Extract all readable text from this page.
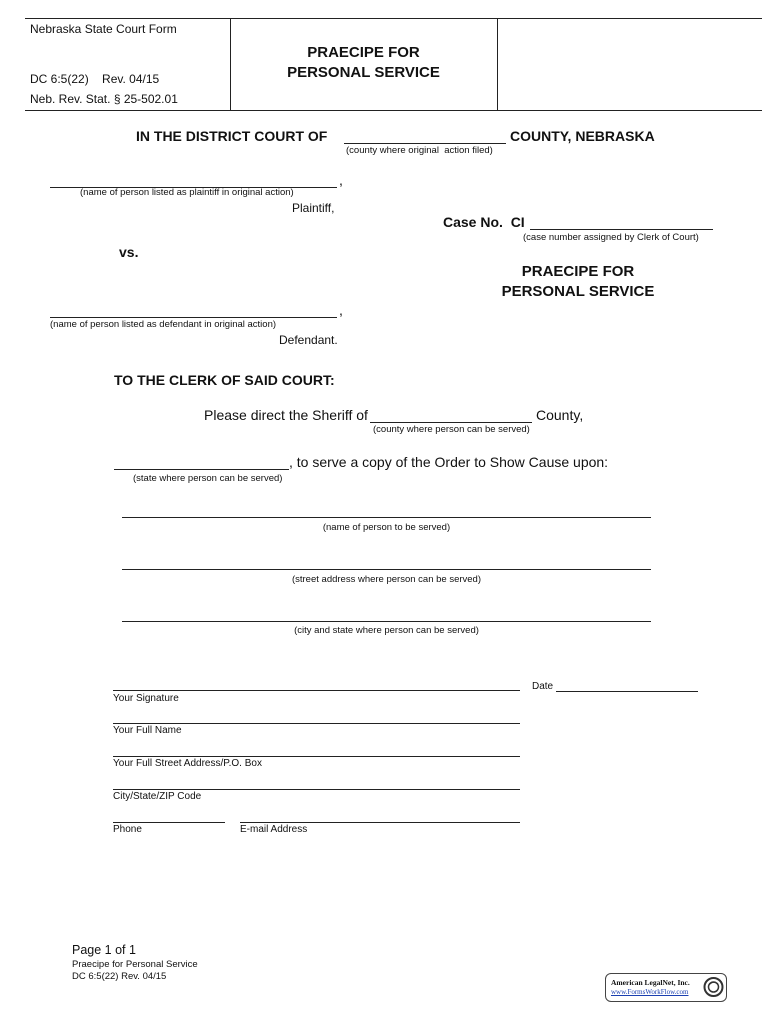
Nebraska State Court Form
DC 6:5(22)    Rev. 04/15
Neb. Rev. Stat. § 25-502.01
PRAECIPE FOR
PERSONAL SERVICE
IN THE DISTRICT COURT OF	COUNTY, NEBRASKA
(county where original  action filed)
,
(name of person listed as plaintiff in original action)
Plaintiff,
Case No.  CI
(case number assigned by Clerk of Court)
vs.
PRAECIPE FOR
PERSONAL SERVICE
,
(name of person listed as defendant in original action)
Defendant.
TO THE CLERK OF SAID COURT:
Please direct the Sheriff of	County,
(county where person can be served)
, to serve a copy of the Order to Show Cause upon:
(state where person can be served)
(name of person to be served)
(street address where person can be served)
(city and state where person can be served)
Date
Your Signature
Your Full Name
Your Full Street Address/P.O. Box
City/State/ZIP Code
Phone	E-mail Address
Page 1 of 1
Praecipe for Personal Service
DC 6:5(22) Rev. 04/15
American LegalNet, Inc.
www.FormsWorkFlow.com
